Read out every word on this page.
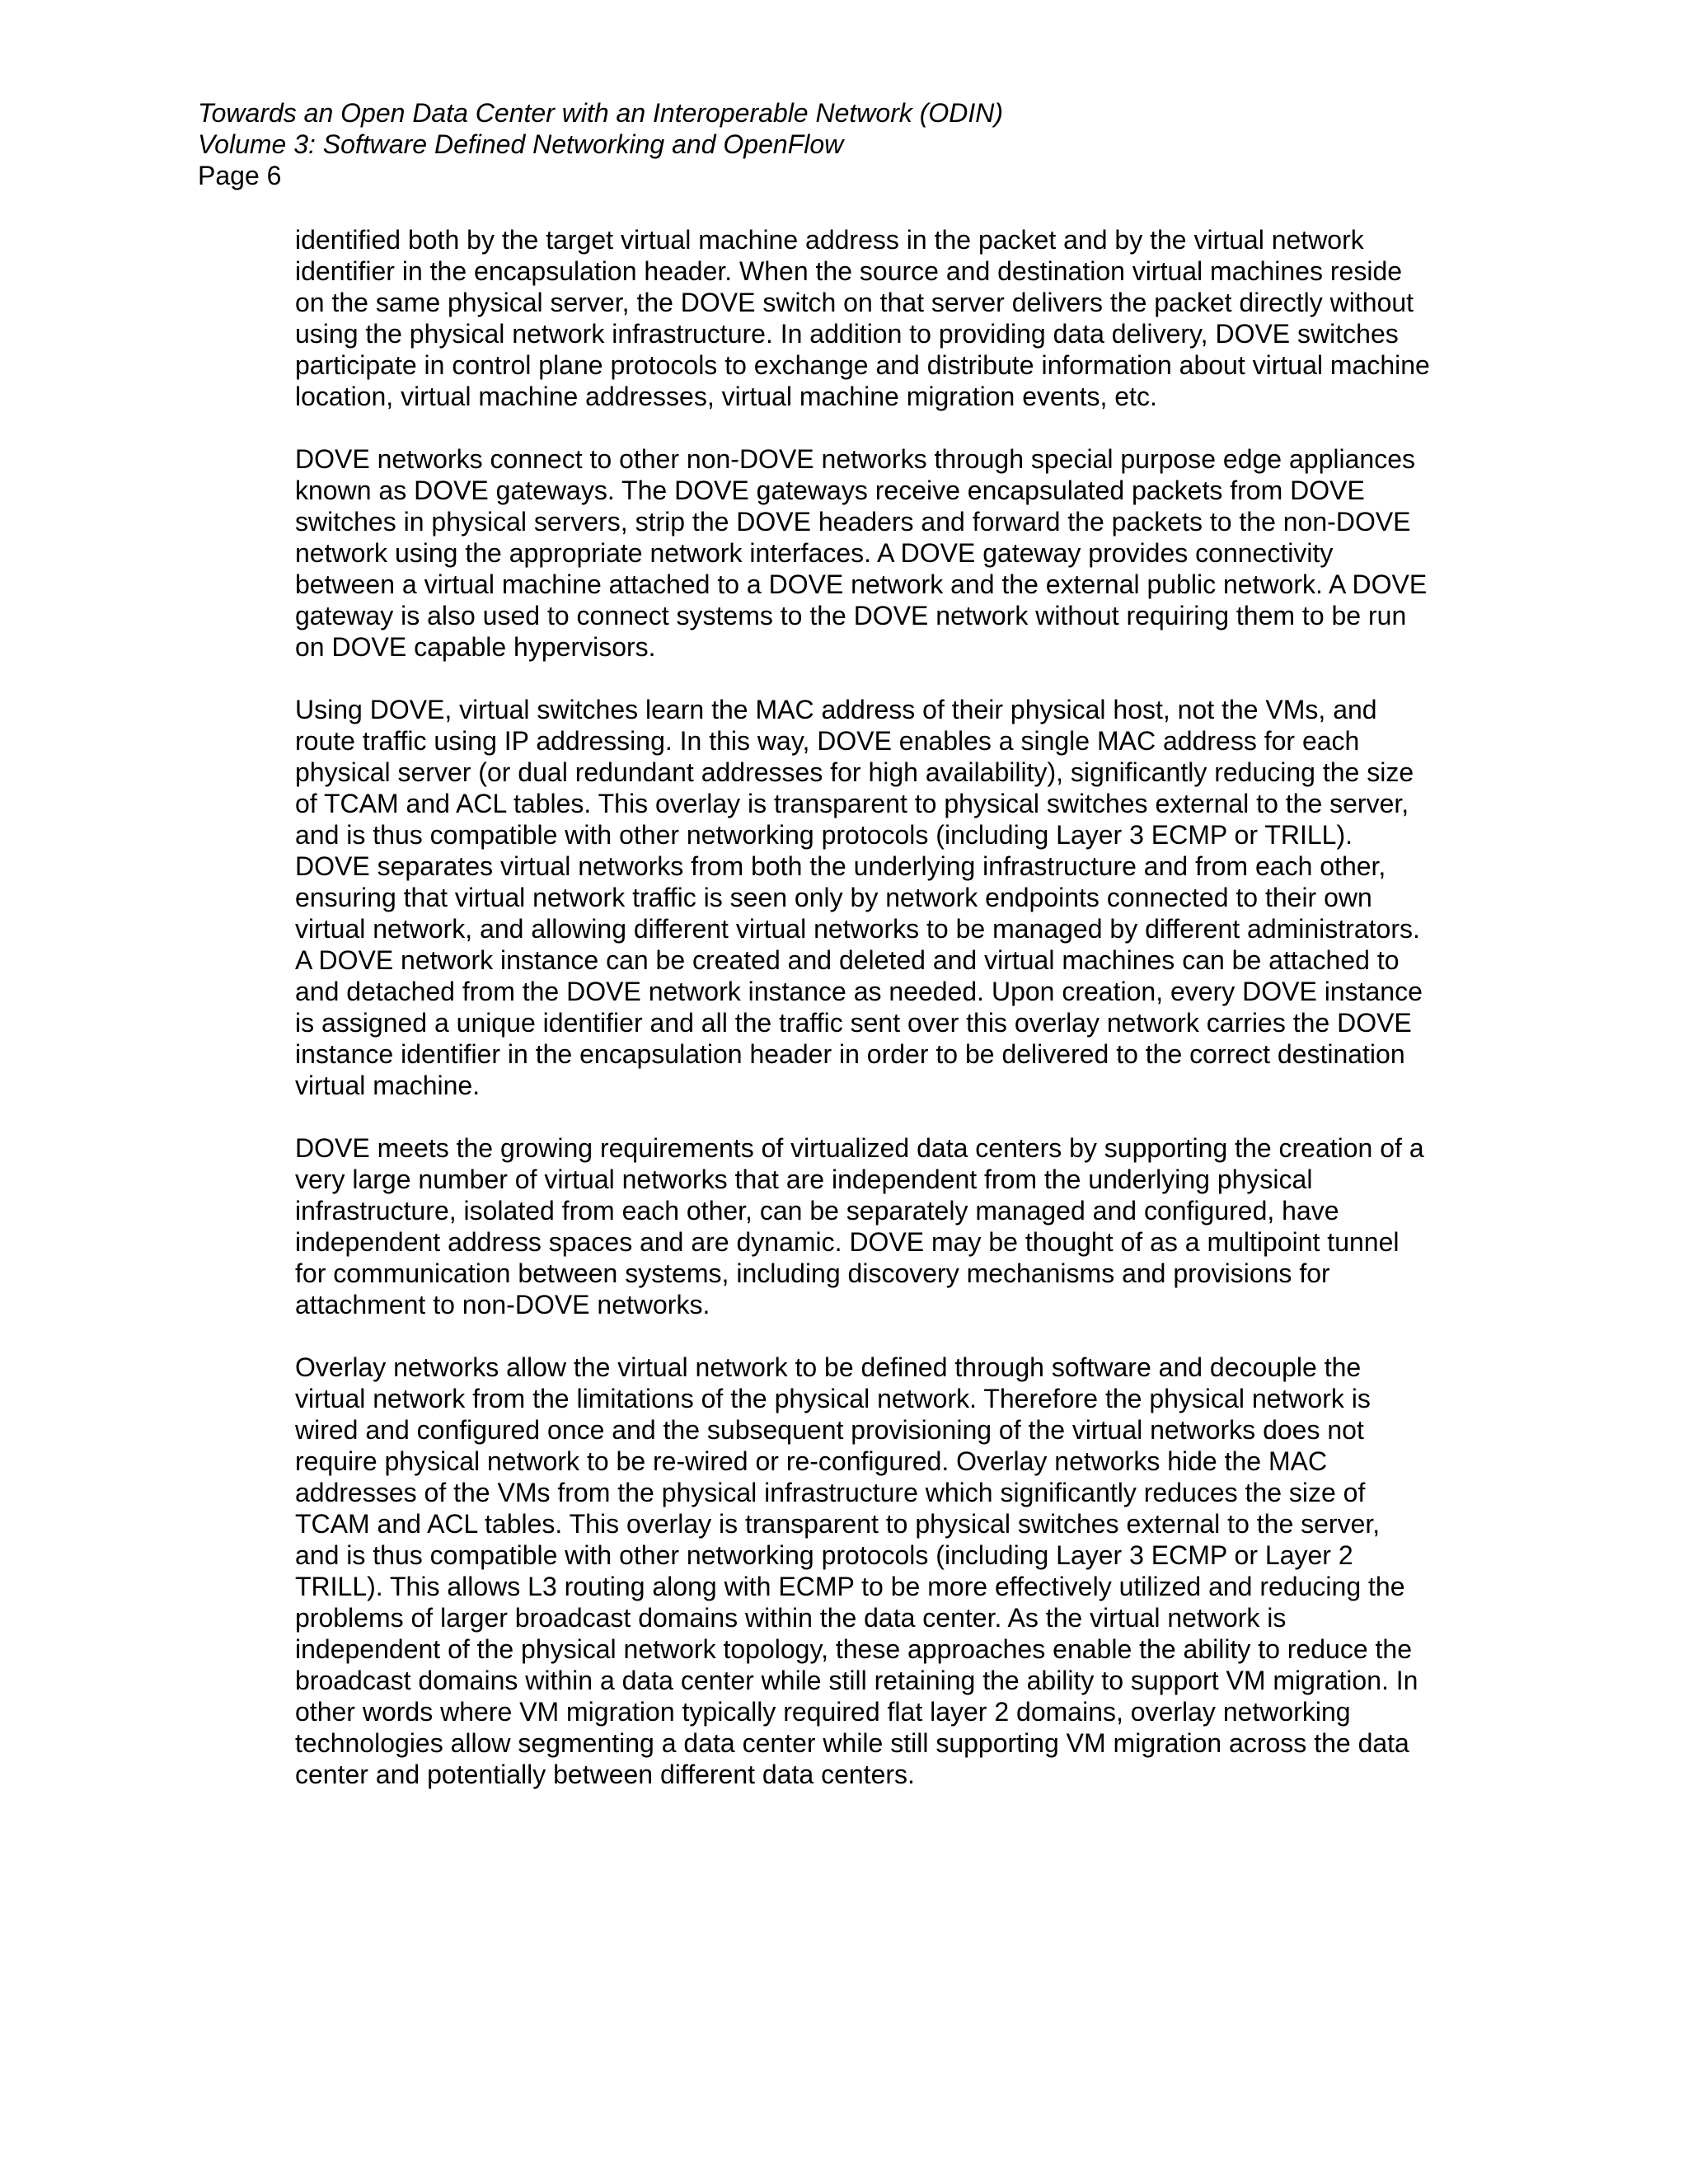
Towards an Open Data Center with an Interoperable Network (ODIN)
Volume 3: Software Defined Networking and OpenFlow
Page 6

identified both by the target virtual machine address in the packet and by the virtual network
identifier in the encapsulation header. When the source and destination virtual machines reside
on the same physical server, the DOVE switch on that server delivers the packet directly without
using the physical network infrastructure. In addition to providing data delivery, DOVE switches
participate in control plane protocols to exchange and distribute information about virtual machine
location, virtual machine addresses, virtual machine migration events, etc.

DOVE networks connect to other non-DOVE networks through special purpose edge appliances
known as DOVE gateways. The DOVE gateways receive encapsulated packets from DOVE
switches in physical servers, strip the DOVE headers and forward the packets to the non-DOVE
network using the appropriate network interfaces. A DOVE gateway provides connectivity
between a virtual machine attached to a DOVE network and the external public network. A DOVE
gateway is also used to connect systems to the DOVE network without requiring them to be run
on DOVE capable hypervisors.

Using DOVE, virtual switches learn the MAC address of their physical host, not the VMs, and
route traffic using IP addressing. In this way, DOVE enables a single MAC address for each
physical server (or dual redundant addresses for high availability), significantly reducing the size
of TCAM and ACL tables. This overlay is transparent to physical switches external to the server,
and is thus compatible with other networking protocols (including Layer 3 ECMP or TRILL).
DOVE separates virtual networks from both the underlying infrastructure and from each other,
ensuring that virtual network traffic is seen only by network endpoints connected to their own
virtual network, and allowing different virtual networks to be managed by different administrators.
A DOVE network instance can be created and deleted and virtual machines can be attached to
and detached from the DOVE network instance as needed. Upon creation, every DOVE instance
is assigned a unique identifier and all the traffic sent over this overlay network carries the DOVE
instance identifier in the encapsulation header in order to be delivered to the correct destination
virtual machine.

DOVE meets the growing requirements of virtualized data centers by supporting the creation of a
very large number of virtual networks that are independent from the underlying physical
infrastructure, isolated from each other, can be separately managed and configured, have
independent address spaces and are dynamic. DOVE may be thought of as a multipoint tunnel
for communication between systems, including discovery mechanisms and provisions for
attachment to non-DOVE networks.

Overlay networks allow the virtual network to be defined through software and decouple the
virtual network from the limitations of the physical network. Therefore the physical network is
wired and configured once and the subsequent provisioning of the virtual networks does not
require physical network to be re-wired or re-configured. Overlay networks hide the MAC
addresses of the VMs from the physical infrastructure which significantly reduces the size of
TCAM and ACL tables. This overlay is transparent to physical switches external to the server,
and is thus compatible with other networking protocols (including Layer 3 ECMP or Layer 2
TRILL). This allows L3 routing along with ECMP to be more effectively utilized and reducing the
problems of larger broadcast domains within the data center. As the virtual network is
independent of the physical network topology, these approaches enable the ability to reduce the
broadcast domains within a data center while still retaining the ability to support VM migration. In
other words where VM migration typically required flat layer 2 domains, overlay networking
technologies allow segmenting a data center while still supporting VM migration across the data
center and potentially between different data centers.
